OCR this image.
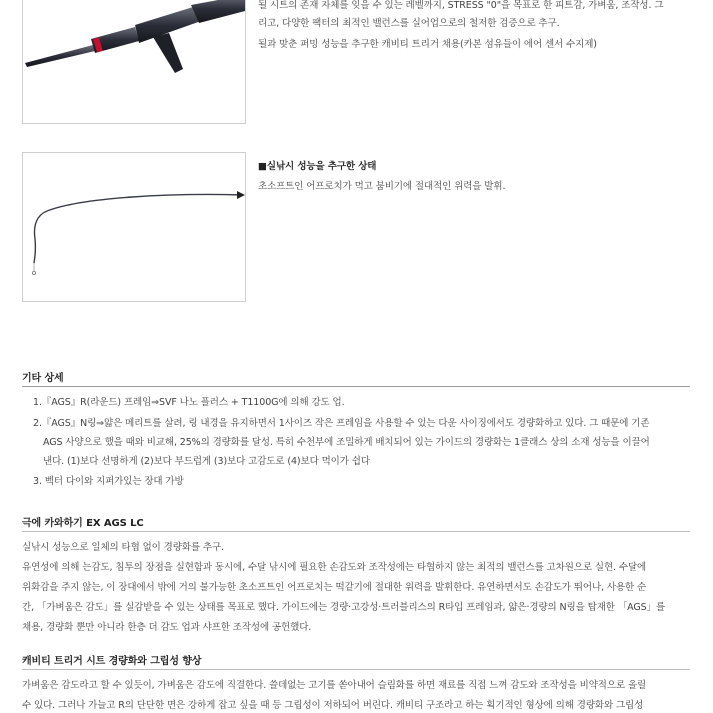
될 시트의 존재 자체를 잊을 수 있는 레벨까지, STRESS "0"을 목표로 한 피트감, 가벼움, 조작성. 그
리고, 다양한 팩터의 최적인 밸런스를 실어업으로의 철저한 검증으로 추구.
될과 맞춘 퍼밍 성능을 추구한 캐비티 트리거 채용(카본 섬유들이 에어 센서 수지제)
■실낚시 성능을 추구한 상태
초소프트인 어프로치가 먹고 붐비기에 절대적인 위력을 발휘.
기타 상세
1.『AGS』R(라운드) 프레임⇒SVF 나노 플러스 + T1100G에 의해 강도 업.
2.『AGS』N링⇒얇은 메리트를 살려, 링 내경을 유지하면서 1사이즈 작은 프레임을 사용할 수 있는 다운 사이징에서도 경량화하고 있다. 그 때문에 기존
AGS 사양으로 했을 때와 비교해, 25%의 경량화를 달성. 특히 수천부에 조밀하게 배치되어 있는 가이드의 경량화는 1클래스 상의 소재 성능을 이끌어
낸다. (1)보다 선명하게 (2)보다 부드럽게 (3)보다 고감도로 (4)보다 먹이가 쉽다
3. 벡터 다이와 지퍼가있는 장대 가방
극에 카와하기 EX AGS LC
실낚시 성능으로 일체의 타협 없이 경량화를 추구.
유연성에 의해 는감도, 침투의 장점을 실현함과 동시에, 수달 낚시에 필요한 손감도와 조작성에는 타협하지 않는 최적의 밸런스를 고차원으로 실현. 수달에
위화감을 주지 않는, 이 장대에서 밖에 거의 불가능한 초소프트인 어프로치는 떡같기에 절대한 위력을 발휘한다. 유연하면서도 손감도가 뛰어나, 사용한 순
간, 「가벼움은 감도」를 실감받을 수 있는 상태를 목표로 했다. 가이드에는 경량·고강성·트러블리스의 R타입 프레임과, 얇은·경량의 N링을 탑재한 「AGS」를
채용, 경량화 뿐만 아니라 한층 더 감도 업과 샤프한 조작성에 공헌했다.
캐비티 트리거 시트 경량화와 그립성 향상
가벼움은 감도라고 할 수 있듯이, 가벼움은 감도에 직결한다. 쓸데없는 고기를 쏟아내어 슬림화를 하면 재료를 직접 느껴 감도와 조작성을 비약적으로 올릴
수 있다. 그러나 가늘고 R의 단단한 면은 강하게 잡고 싶을 때 등 그립성이 저하되어 버린다. 캐비티 구조라고 하는 획기적인 형상에 의해 경량화와 그립성
